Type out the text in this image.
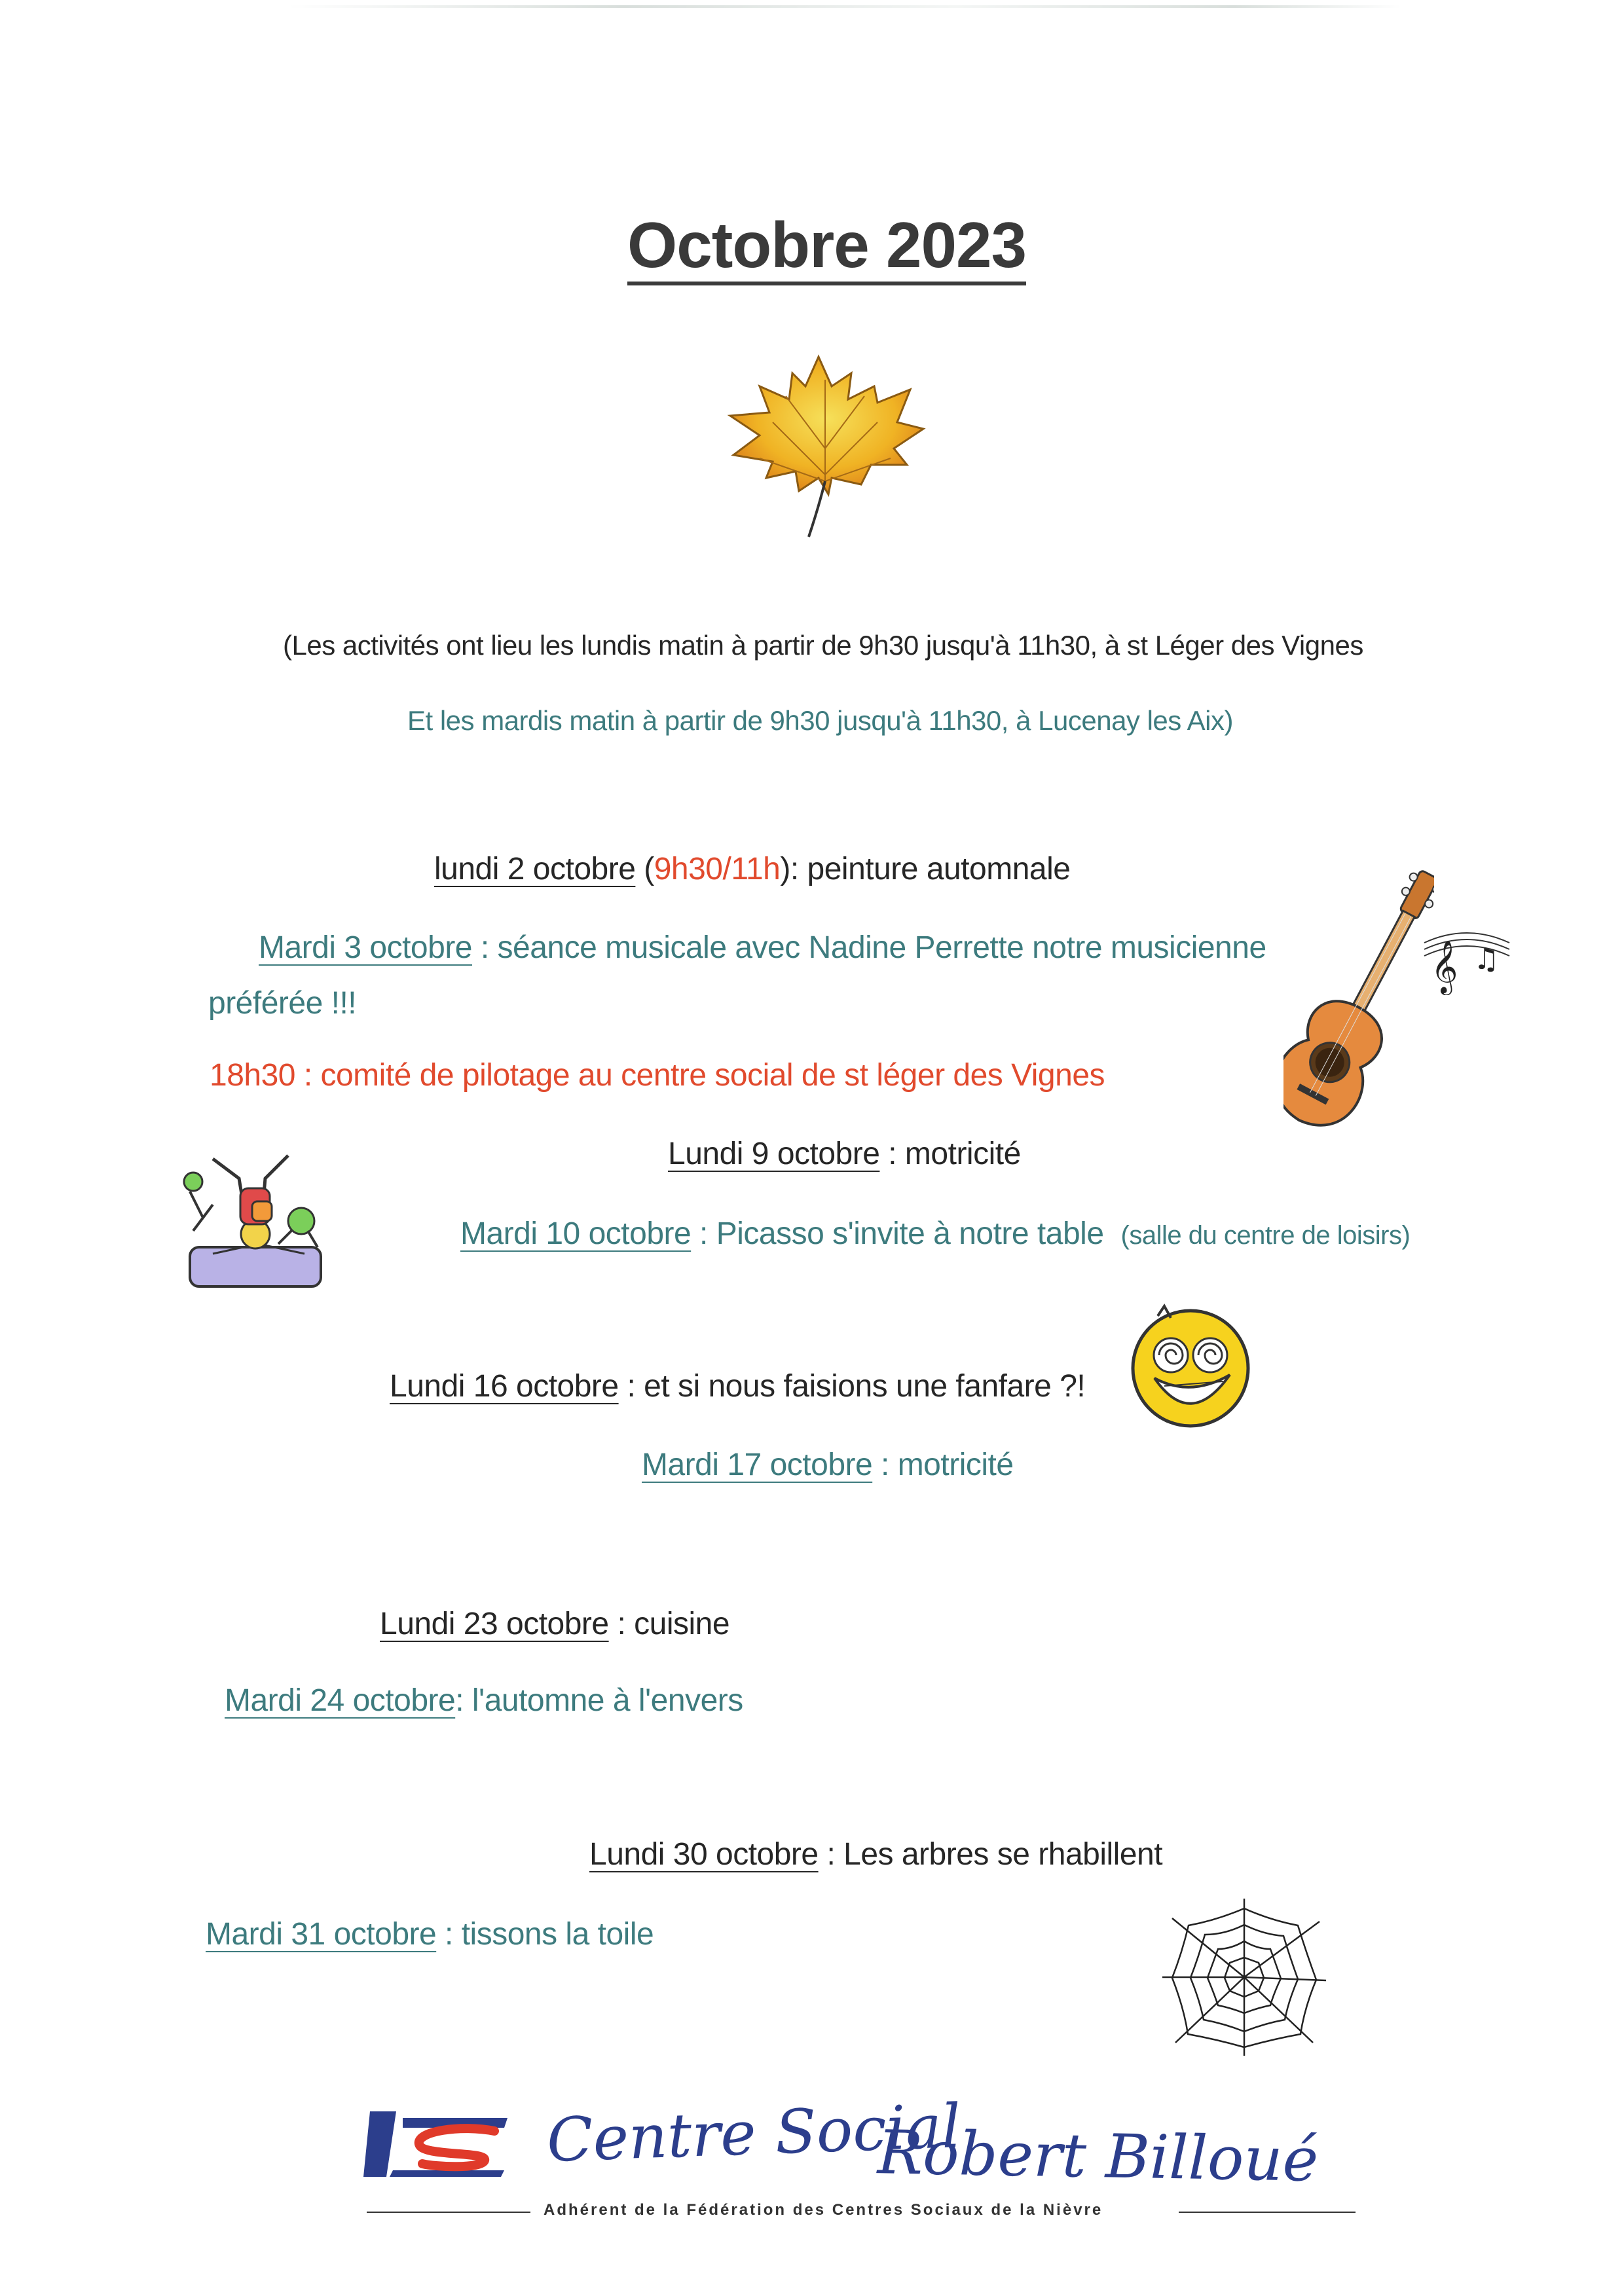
Octobre 2023
(Les activités ont lieu les lundis matin à partir de 9h30 jusqu'à 11h30, à st Léger des Vignes
Et les mardis matin à partir de 9h30 jusqu'à 11h30, à Lucenay les Aix)
lundi 2 octobre (9h30/11h): peinture automnale
Mardi 3 octobre : séance musicale avec Nadine Perrette notre musicienne
préférée !!!
18h30 : comité de pilotage au centre social de st léger des Vignes
𝄞 ♫
Lundi 9 octobre : motricité
Mardi 10 octobre : Picasso s'invite à notre table (salle du centre de loisirs)
Lundi 16 octobre : et si nous faisions une fanfare ?!
Mardi 17 octobre : motricité
Lundi 23 octobre : cuisine
Mardi 24 octobre: l'automne à l'envers
Lundi 30 octobre : Les arbres se rhabillent
Mardi 31 octobre : tissons la toile
Centre Social
Robert Billoué
Adhérent de la Fédération des Centres Sociaux de la Nièvre
